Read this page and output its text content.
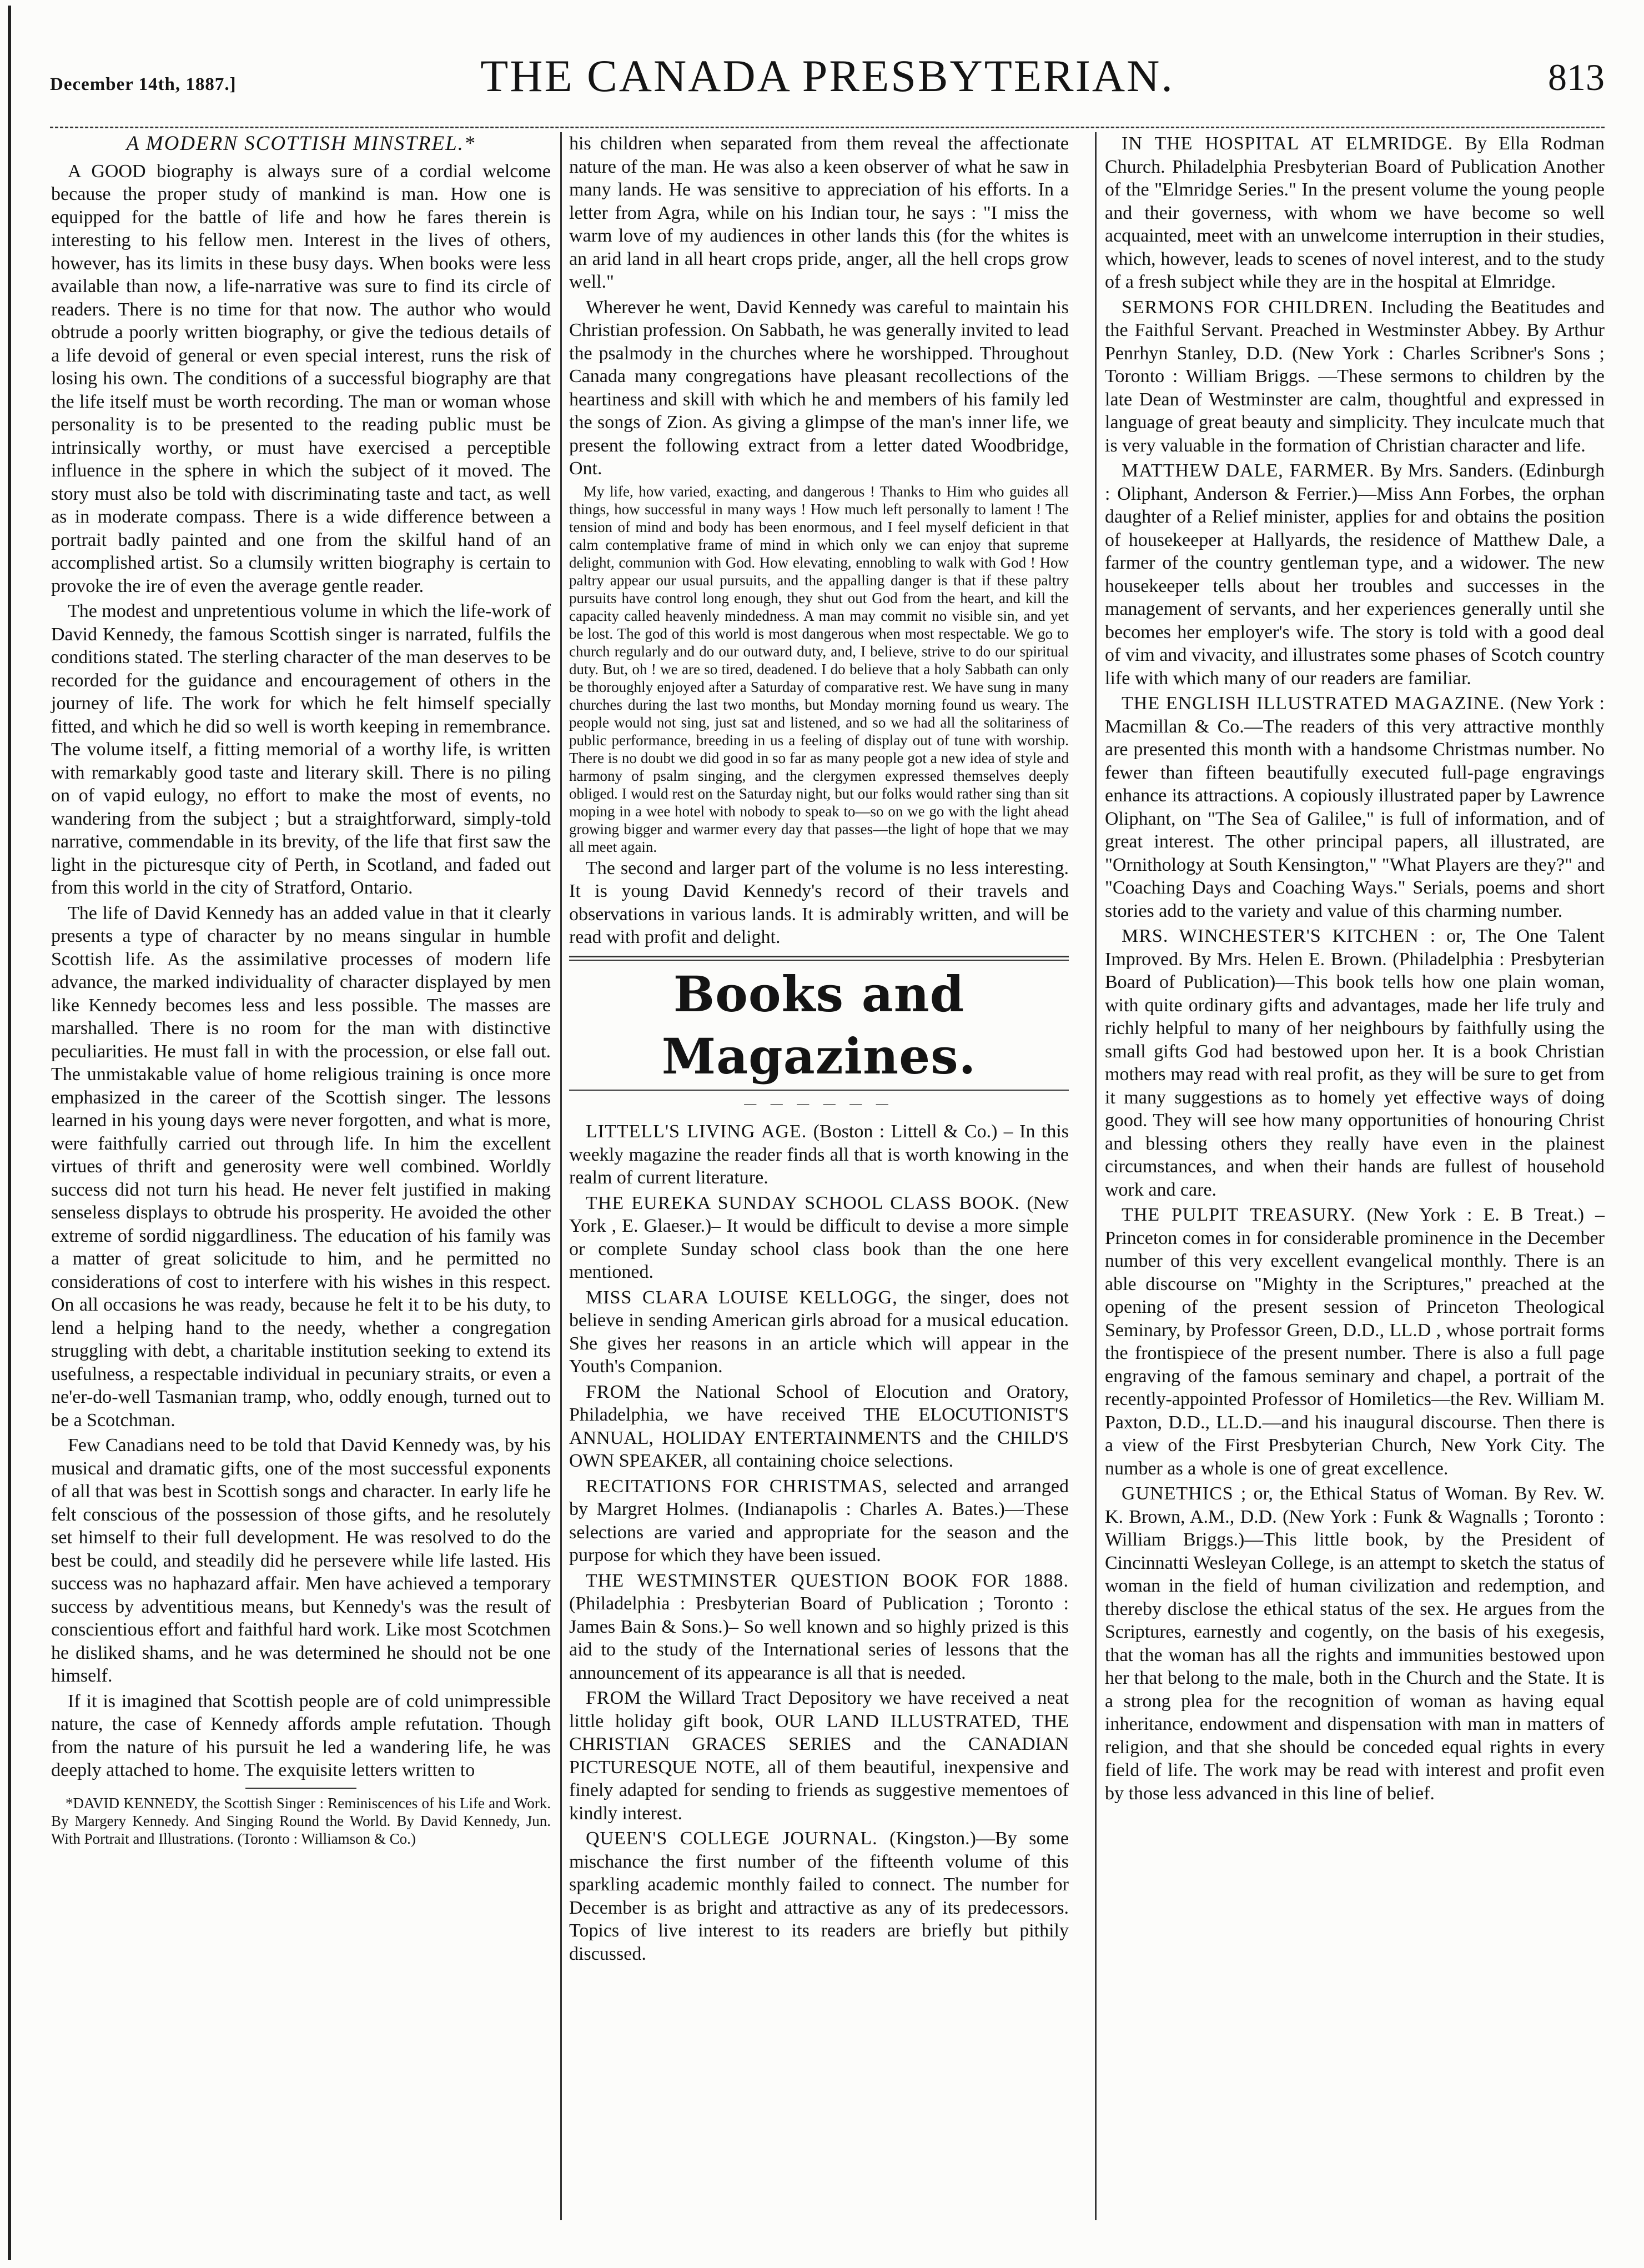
December 14th, 1887.]	THE CANADA PRESBYTERIAN.	813
A MODERN SCOTTISH MINSTREL.*

A GOOD biography is always sure of a cordial welcome because the proper study of mankind is man. How one is equipped for the battle of life and how he fares therein is interesting to his fellow men. Interest in the lives of others, however, has its limits in these busy days. When books were less available than now, a life-narrative was sure to find its circle of readers. There is no time for that now. The author who would obtrude a poorly written biography, or give the tedious details of a life devoid of general or even special interest, runs the risk of losing his own. The conditions of a successful biography are that the life itself must be worth recording. The man or woman whose personality is to be presented to the reading public must be intrinsically worthy, or must have exercised a perceptible influence in the sphere in which the subject of it moved. The story must also be told with discriminating taste and tact, as well as in moderate compass. There is a wide difference between a portrait badly painted and one from the skilful hand of an accomplished artist. So a clumsily written biography is certain to provoke the ire of even the average gentle reader.

The modest and unpretentious volume in which the life-work of David Kennedy, the famous Scottish singer is narrated, fulfils the conditions stated. The sterling character of the man deserves to be recorded for the guidance and encouragement of others in the journey of life. The work for which he felt himself specially fitted, and which he did so well is worth keeping in remembrance. The volume itself, a fitting memorial of a worthy life, is written with remarkably good taste and literary skill. There is no piling on of vapid eulogy, no effort to make the most of events, no wandering from the subject ; but a straightforward, simply-told narrative, commendable in its brevity, of the life that first saw the light in the picturesque city of Perth, in Scotland, and faded out from this world in the city of Stratford, Ontario.

The life of David Kennedy has an added value in that it clearly presents a type of character by no means singular in humble Scottish life. As the assimilative processes of modern life advance, the marked individuality of character displayed by men like Kennedy becomes less and less possible. The masses are marshalled. There is no room for the man with distinctive peculiarities. He must fall in with the procession, or else fall out. The unmistakable value of home religious training is once more emphasized in the career of the Scottish singer. The lessons learned in his young days were never forgotten, and what is more, were faithfully carried out through life. In him the excellent virtues of thrift and generosity were well combined. Worldly success did not turn his head. He never felt justified in making senseless displays to obtrude his prosperity. He avoided the other extreme of sordid niggardliness. The education of his family was a matter of great solicitude to him, and he permitted no considerations of cost to interfere with his wishes in this respect. On all occasions he was ready, because he felt it to be his duty, to lend a helping hand to the needy, whether a congregation struggling with debt, a charitable institution seeking to extend its usefulness, a respectable individual in pecuniary straits, or even a ne'er-do-well Tasmanian tramp, who, oddly enough, turned out to be a Scotchman.

Few Canadians need to be told that David Kennedy was, by his musical and dramatic gifts, one of the most successful exponents of all that was best in Scottish songs and character. In early life he felt conscious of the possession of those gifts, and he resolutely set himself to their full development. He was resolved to do the best be could, and steadily did he persevere while life lasted. His success was no haphazard affair. Men have achieved a temporary success by adventitious means, but Kennedy's was the result of conscientious effort and faithful hard work. Like most Scotchmen he disliked shams, and he was determined he should not be one himself.

If it is imagined that Scottish people are of cold unimpressible nature, the case of Kennedy affords ample refutation. Though from the nature of his pursuit he led a wandering life, he was deeply attached to home. The exquisite letters written to

*DAVID KENNEDY, the Scottish Singer : Reminiscences of his Life and Work. By Margery Kennedy. And Singing Round the World. By David Kennedy, Jun. With Portrait and Illustrations. (Toronto : Williamson & Co.)

his children when separated from them reveal the affectionate nature of the man. He was also a keen observer of what he saw in many lands. He was sensitive to appreciation of his efforts. In a letter from Agra, while on his Indian tour, he says : "I miss the warm love of my audiences in other lands this (for the whites is an arid land in all heart crops pride, anger, all the hell crops grow well."

Wherever he went, David Kennedy was careful to maintain his Christian profession. On Sabbath, he was generally invited to lead the psalmody in the churches where he worshipped. Throughout Canada many congregations have pleasant recollections of the heartiness and skill with which he and members of his family led the songs of Zion. As giving a glimpse of the man's inner life, we present the following extract from a letter dated Woodbridge, Ont.

My life, how varied, exacting, and dangerous ! Thanks to Him who guides all things, how successful in many ways ! How much left personally to lament ! The tension of mind and body has been enormous, and I feel myself deficient in that calm contemplative frame of mind in which only we can enjoy that supreme delight, communion with God. How elevating, ennobling to walk with God ! How paltry appear our usual pursuits, and the appalling danger is that if these paltry pursuits have control long enough, they shut out God from the heart, and kill the capacity called heavenly mindedness. A man may commit no visible sin, and yet be lost. The god of this world is most dangerous when most respectable. We go to church regularly and do our outward duty, and, I believe, strive to do our spiritual duty. But, oh ! we are so tired, deadened. I do believe that a holy Sabbath can only be thoroughly enjoyed after a Saturday of comparative rest. We have sung in many churches during the last two months, but Monday morning found us weary. The people would not sing, just sat and listened, and so we had all the solitariness of public performance, breeding in us a feeling of display out of tune with worship. There is no doubt we did good in so far as many people got a new idea of style and harmony of psalm singing, and the clergymen expressed themselves deeply obliged. I would rest on the Saturday night, but our folks would rather sing than sit moping in a wee hotel with nobody to speak to—so on we go with the light ahead growing bigger and warmer every day that passes—the light of hope that we may all meet again.

The second and larger part of the volume is no less interesting. It is young David Kennedy's record of their travels and observations in various lands. It is admirably written, and will be read with profit and delight.

Books and Magazines.
— — — — — —

LITTELL'S LIVING AGE. (Boston : Littell & Co.) – In this weekly magazine the reader finds all that is worth knowing in the realm of current literature.

THE EUREKA SUNDAY SCHOOL CLASS BOOK. (New York , E. Glaeser.)– It would be difficult to devise a more simple or complete Sunday school class book than the one here mentioned.

MISS CLARA LOUISE KELLOGG, the singer, does not believe in sending American girls abroad for a musical education. She gives her reasons in an article which will appear in the Youth's Companion.

FROM the National School of Elocution and Oratory, Philadelphia, we have received THE ELOCUTIONIST'S ANNUAL, HOLIDAY ENTERTAINMENTS and the CHILD'S OWN SPEAKER, all containing choice selections.

RECITATIONS FOR CHRISTMAS, selected and arranged by Margret Holmes. (Indianapolis : Charles A. Bates.)—These selections are varied and appropriate for the season and the purpose for which they have been issued.

THE WESTMINSTER QUESTION BOOK FOR 1888. (Philadelphia : Presbyterian Board of Publication ; Toronto : James Bain & Sons.)– So well known and so highly prized is this aid to the study of the International series of lessons that the announcement of its appearance is all that is needed.

FROM the Willard Tract Depository we have received a neat little holiday gift book, OUR LAND ILLUSTRATED, THE CHRISTIAN GRACES SERIES and the CANADIAN PICTURESQUE NOTE, all of them beautiful, inexpensive and finely adapted for sending to friends as suggestive mementoes of kindly interest.

QUEEN'S COLLEGE JOURNAL. (Kingston.)—By some mischance the first number of the fifteenth volume of this sparkling academic monthly failed to connect. The number for December is as bright and attractive as any of its predecessors. Topics of live interest to its readers are briefly but pithily discussed.

IN THE HOSPITAL AT ELMRIDGE. By Ella Rodman Church. Philadelphia Presbyterian Board of Publication Another of the "Elmridge Series." In the present volume the young people and their governess, with whom we have become so well acquainted, meet with an unwelcome interruption in their studies, which, however, leads to scenes of novel interest, and to the study of a fresh subject while they are in the hospital at Elmridge.

SERMONS FOR CHILDREN. Including the Beatitudes and the Faithful Servant. Preached in Westminster Abbey. By Arthur Penrhyn Stanley, D.D. (New York : Charles Scribner's Sons ; Toronto : William Briggs. —These sermons to children by the late Dean of Westminster are calm, thoughtful and expressed in language of great beauty and simplicity. They inculcate much that is very valuable in the formation of Christian character and life.

MATTHEW DALE, FARMER. By Mrs. Sanders. (Edinburgh : Oliphant, Anderson & Ferrier.)—Miss Ann Forbes, the orphan daughter of a Relief minister, applies for and obtains the position of housekeeper at Hallyards, the residence of Matthew Dale, a farmer of the country gentleman type, and a widower. The new housekeeper tells about her troubles and successes in the management of servants, and her experiences generally until she becomes her employer's wife. The story is told with a good deal of vim and vivacity, and illustrates some phases of Scotch country life with which many of our readers are familiar.

THE ENGLISH ILLUSTRATED MAGAZINE. (New York : Macmillan & Co.—The readers of this very attractive monthly are presented this month with a handsome Christmas number. No fewer than fifteen beautifully executed full-page engravings enhance its attractions. A copiously illustrated paper by Lawrence Oliphant, on "The Sea of Galilee," is full of information, and of great interest. The other principal papers, all illustrated, are "Ornithology at South Kensington," "What Players are they?" and "Coaching Days and Coaching Ways." Serials, poems and short stories add to the variety and value of this charming number.

MRS. WINCHESTER'S KITCHEN : or, The One Talent Improved. By Mrs. Helen E. Brown. (Philadelphia : Presbyterian Board of Publication)—This book tells how one plain woman, with quite ordinary gifts and advantages, made her life truly and richly helpful to many of her neighbours by faithfully using the small gifts God had bestowed upon her. It is a book Christian mothers may read with real profit, as they will be sure to get from it many suggestions as to homely yet effective ways of doing good. They will see how many opportunities of honouring Christ and blessing others they really have even in the plainest circumstances, and when their hands are fullest of household work and care.

THE PULPIT TREASURY. (New York : E. B Treat.) – Princeton comes in for considerable prominence in the December number of this very excellent evangelical monthly. There is an able discourse on "Mighty in the Scriptures," preached at the opening of the present session of Princeton Theological Seminary, by Professor Green, D.D., LL.D , whose portrait forms the frontispiece of the present number. There is also a full page engraving of the famous seminary and chapel, a portrait of the recently-appointed Professor of Homiletics—the Rev. William M. Paxton, D.D., LL.D.—and his inaugural discourse. Then there is a view of the First Presbyterian Church, New York City. The number as a whole is one of great excellence.

GUNETHICS ; or, the Ethical Status of Woman. By Rev. W. K. Brown, A.M., D.D. (New York : Funk & Wagnalls ; Toronto : William Briggs.)—This little book, by the President of Cincinnatti Wesleyan College, is an attempt to sketch the status of woman in the field of human civilization and redemption, and thereby disclose the ethical status of the sex. He argues from the Scriptures, earnestly and cogently, on the basis of his exegesis, that the woman has all the rights and immunities bestowed upon her that belong to the male, both in the Church and the State. It is a strong plea for the recognition of woman as having equal inheritance, endowment and dispensation with man in matters of religion, and that she should be conceded equal rights in every field of life. The work may be read with interest and profit even by those less advanced in this line of belief.
